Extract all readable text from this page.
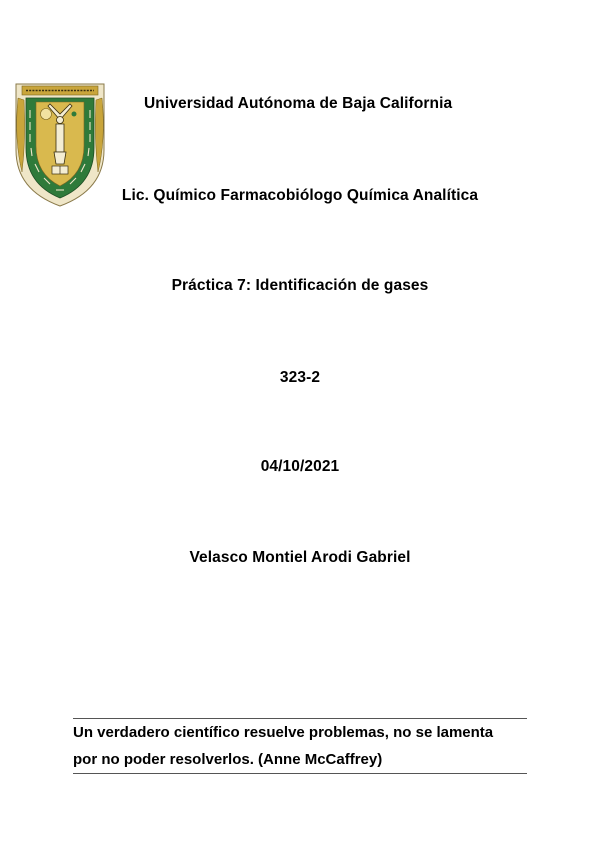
Universidad Autónoma de Baja California
Lic. Químico Farmacobiólogo Química Analítica
Práctica 7: Identificación de gases
323-2
04/10/2021
Velasco Montiel Arodi Gabriel
Un verdadero científico resuelve problemas, no se lamenta
por no poder resolverlos. (Anne McCaffrey)
